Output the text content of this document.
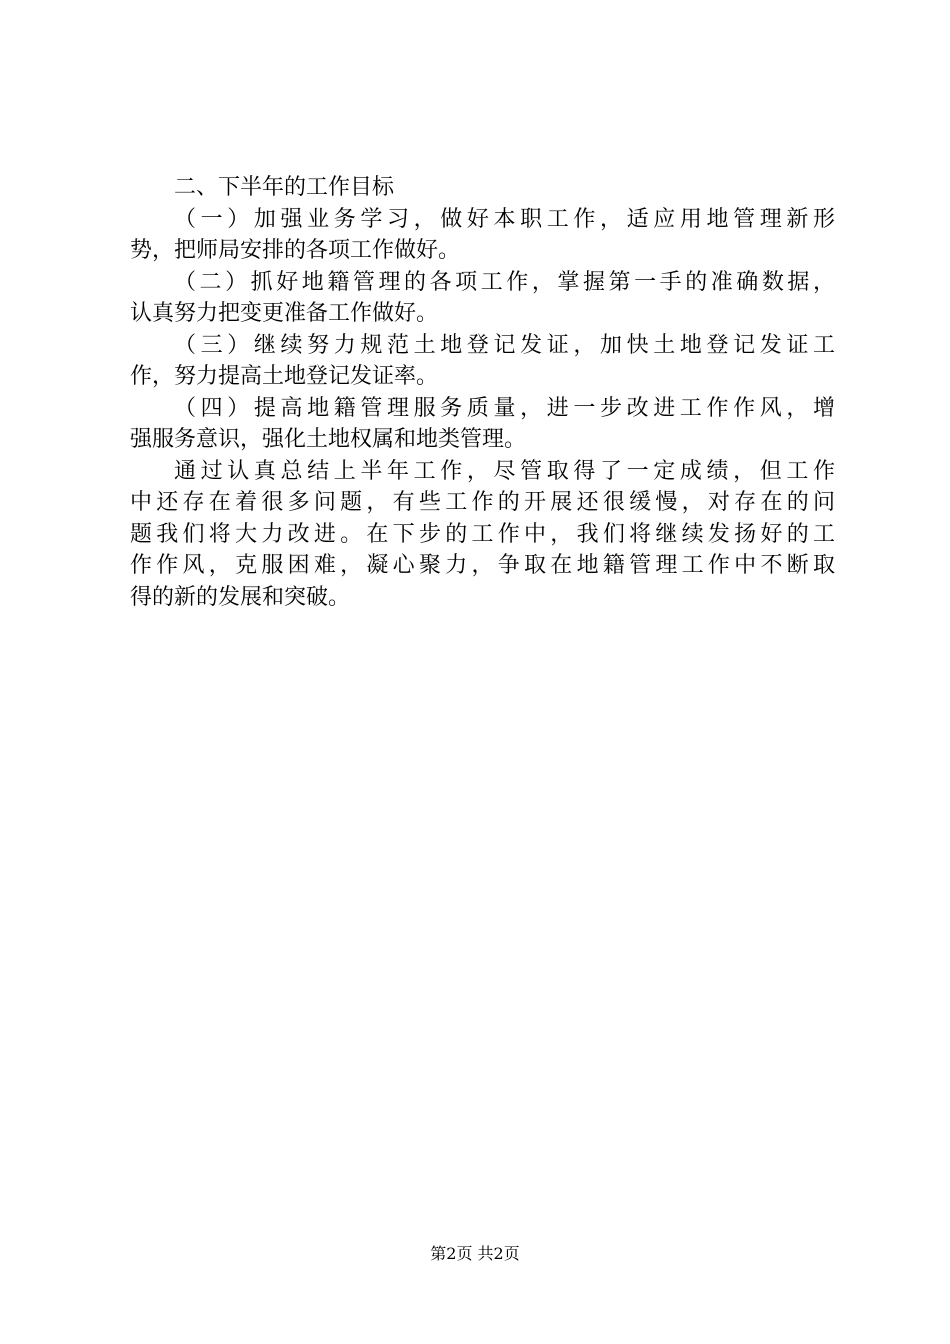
二、下半年的工作目标
（一）加强业务学习，做好本职工作，适应用地管理新形
势，把师局安排的各项工作做好。
（二）抓好地籍管理的各项工作，掌握第一手的准确数据，
认真努力把变更准备工作做好。
（三）继续努力规范土地登记发证，加快土地登记发证工
作，努力提高土地登记发证率。
（四）提高地籍管理服务质量，进一步改进工作作风，增
强服务意识，强化土地权属和地类管理。
通过认真总结上半年工作，尽管取得了一定成绩，但工作
中还存在着很多问题，有些工作的开展还很缓慢，对存在的问
题我们将大力改进。在下步的工作中，我们将继续发扬好的工
作作风，克服困难，凝心聚力，争取在地籍管理工作中不断取
得的新的发展和突破。
第2页 共2页
